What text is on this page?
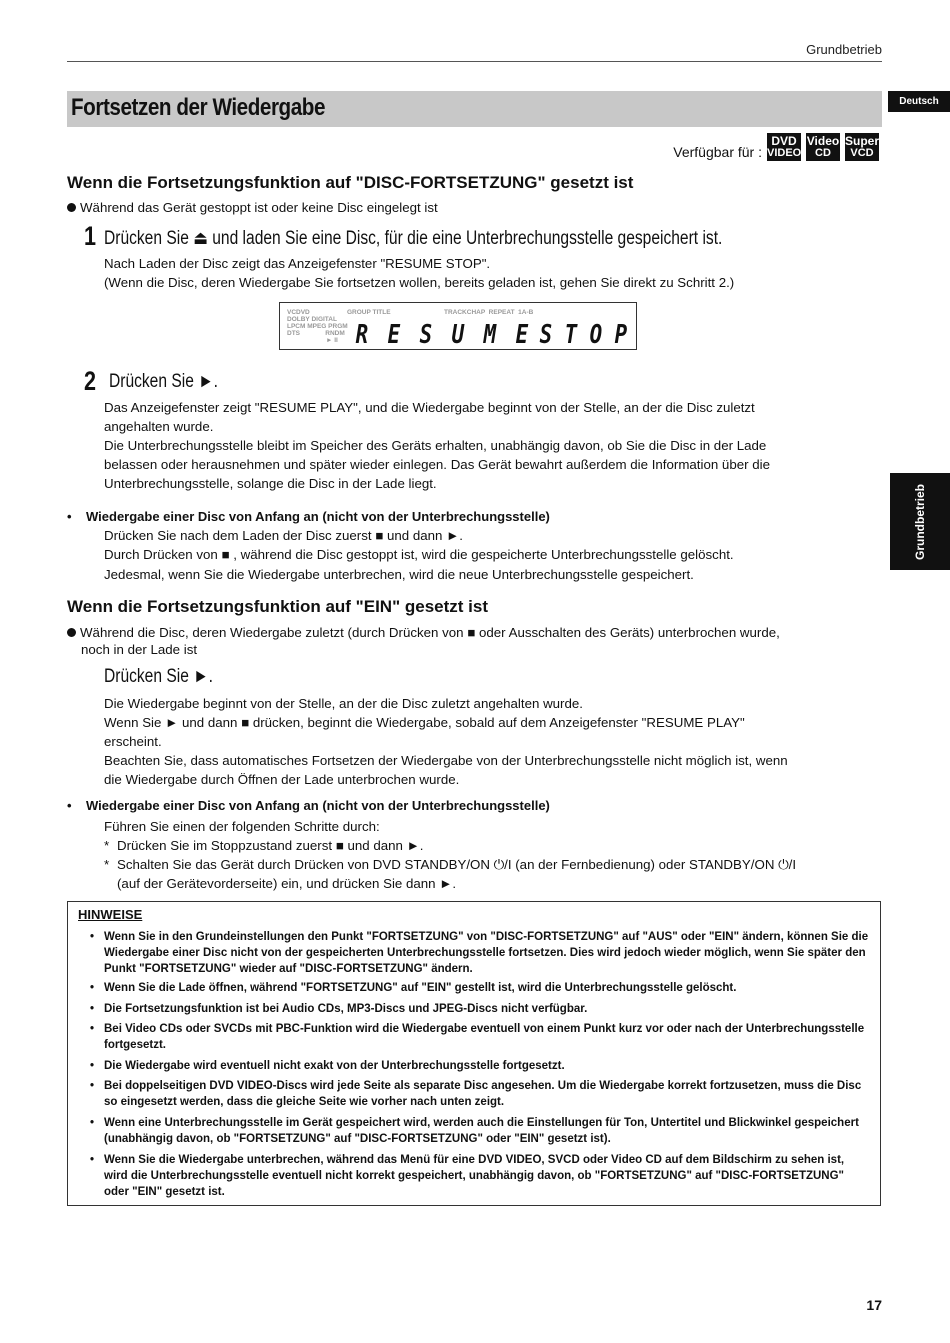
Grundbetrieb
Fortsetzen der Wiedergabe	Deutsch
Grundbetrieb
Verfügbar für :
DVD
VIDEO
Video
CD
Super
VCD
Wenn die Fortsetzungsfunktion auf "DISC-FORTSETZUNG" gesetzt ist
Während das Gerät gestoppt ist oder keine Disc eingelegt ist
1 Drücken Sie ⏏ und laden Sie eine Disc, für die eine Unterbrechungsstelle gespeichert ist.
Nach Laden der Disc zeigt das Anzeigefenster "RESUME STOP".
(Wenn die Disc, deren Wiedergabe Sie fortsetzen wollen, bereits geladen ist, gehen Sie direkt zu Schritt 2.)
VCDVD
DOLBY DIGITAL
LPCM MPEG PRGM
DTS              RNDM
GROUP TITLE	TRACKCHAP  REPEAT  1A-B
► II R E S U M E S T O P
2 Drücken Sie ►.
Das Anzeigefenster zeigt "RESUME PLAY", und die Wiedergabe beginnt von der Stelle, an der die Disc zuletzt
angehalten wurde.
Die Unterbrechungsstelle bleibt im Speicher des Geräts erhalten, unabhängig davon, ob Sie die Disc in der Lade
belassen oder herausnehmen und später wieder einlegen. Das Gerät bewahrt außerdem die Information über die
Unterbrechungsstelle, solange die Disc in der Lade liegt.
• Wiedergabe einer Disc von Anfang an (nicht von der Unterbrechungsstelle)
Drücken Sie nach dem Laden der Disc zuerst ■ und dann ►.
Durch Drücken von ■ , während die Disc gestoppt ist, wird die gespeicherte Unterbrechungsstelle gelöscht.
Jedesmal, wenn Sie die Wiedergabe unterbrechen, wird die neue Unterbrechungsstelle gespeichert.
Wenn die Fortsetzungsfunktion auf "EIN" gesetzt ist
Während die Disc, deren Wiedergabe zuletzt (durch Drücken von ■ oder Ausschalten des Geräts) unterbrochen wurde,
noch in der Lade ist
Drücken Sie ►.
Die Wiedergabe beginnt von der Stelle, an der die Disc zuletzt angehalten wurde.
Wenn Sie ► und dann ■ drücken, beginnt die Wiedergabe, sobald auf dem Anzeigefenster "RESUME PLAY"
erscheint.
Beachten Sie, dass automatisches Fortsetzen der Wiedergabe von der Unterbrechungsstelle nicht möglich ist, wenn
die Wiedergabe durch Öffnen der Lade unterbrochen wurde.
• Wiedergabe einer Disc von Anfang an (nicht von der Unterbrechungsstelle)
Führen Sie einen der folgenden Schritte durch:
* Drücken Sie im Stoppzustand zuerst ■ und dann ►.
* Schalten Sie das Gerät durch Drücken von DVD STANDBY/ON ⏻/I (an der Fernbedienung) oder STANDBY/ON ⏻/I
(auf der Gerätevorderseite) ein, und drücken Sie dann ►.
HINWEISE
• Wenn Sie in den Grundeinstellungen den Punkt "FORTSETZUNG" von "DISC-FORTSETZUNG" auf "AUS" oder "EIN" ändern, können Sie die Wiedergabe einer Disc nicht von der gespeicherten Unterbrechungsstelle fortsetzen. Dies wird jedoch wieder möglich, wenn Sie später den Punkt "FORTSETZUNG" wieder auf "DISC-FORTSETZUNG" ändern.
• Wenn Sie die Lade öffnen, während "FORTSETZUNG" auf "EIN" gestellt ist, wird die Unterbrechungsstelle gelöscht.
• Die Fortsetzungsfunktion ist bei Audio CDs, MP3-Discs und JPEG-Discs nicht verfügbar.
• Bei Video CDs oder SVCDs mit PBC-Funktion wird die Wiedergabe eventuell von einem Punkt kurz vor oder nach der Unterbrechungsstelle fortgesetzt.
• Die Wiedergabe wird eventuell nicht exakt von der Unterbrechungsstelle fortgesetzt.
• Bei doppelseitigen DVD VIDEO-Discs wird jede Seite als separate Disc angesehen. Um die Wiedergabe korrekt fortzusetzen, muss die Disc so eingesetzt werden, dass die gleiche Seite wie vorher nach unten zeigt.
• Wenn eine Unterbrechungsstelle im Gerät gespeichert wird, werden auch die Einstellungen für Ton, Untertitel und Blickwinkel gespeichert (unabhängig davon, ob "FORTSETZUNG" auf "DISC-FORTSETZUNG" oder "EIN" gesetzt ist).
• Wenn Sie die Wiedergabe unterbrechen, während das Menü für eine DVD VIDEO, SVCD oder Video CD auf dem Bildschirm zu sehen ist, wird die Unterbrechungsstelle eventuell nicht korrekt gespeichert, unabhängig davon, ob "FORTSETZUNG" auf "DISC-FORTSETZUNG" oder "EIN" gesetzt ist.
17
